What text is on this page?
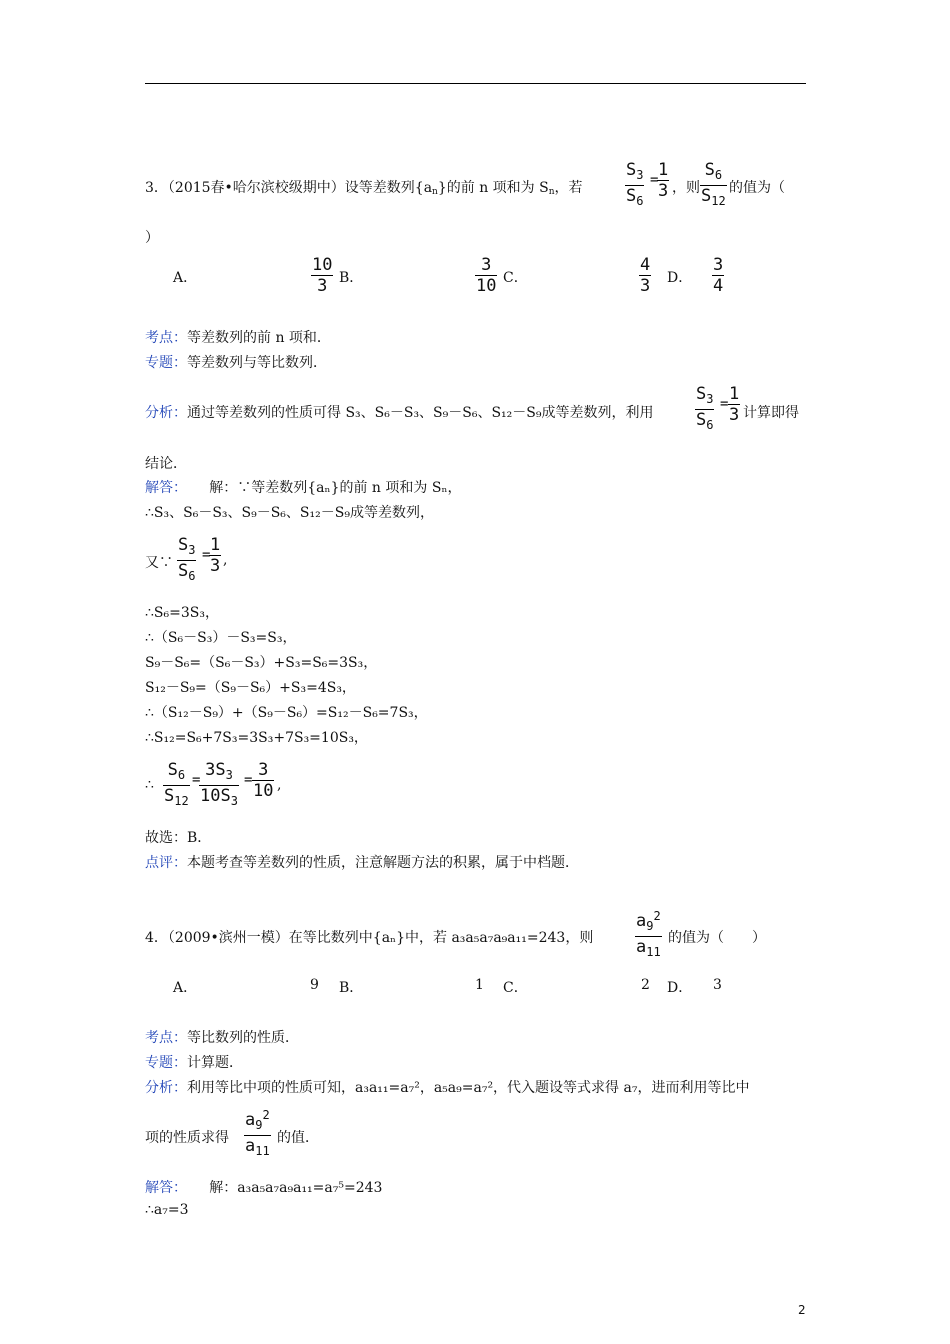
3．（2015春•哈尔滨校级期中）设等差数列$\{a_n\}$的前 n 项和为 $S_n$，若 $\frac{S_3}{S_6}$ =
$\frac{1}{3}$ ，则 $\frac{S_6}{S_{12}}$ 的值为（
）
A．	$\frac{10}{3}$ B．	$\frac{3}{10}$ C．	$\frac{4}{3}$ D． $\frac{3}{4}$
考点：等差数列的前 n 项和．
专题：等差数列与等比数列．
分析：通过等差数列的性质可得 S₃、S₆－S₃、S₉－S₆、S₁₂－S₉成等差数列，利用 $\frac{S_3}{S_6} = \frac{1}{3}$ 计算即得
结论．
解答： 解：∵等差数列{aₙ}的前 n 项和为 Sₙ，
∴S₃、S₆－S₃、S₉－S₆、S₁₂－S₉成等差数列，
又∵ $\frac{S_3}{S_6}$ =
$\frac{1}{3}$ ,
∴S₆=3S₃，
∴（S₆－S₃）－S₃=S₃，
S₉－S₆=（S₆－S₃）+S₃=S₆=3S₃，
S₁₂－S₉=（S₉－S₆）+S₃=4S₃，
∴（S₁₂－S₉）+（S₉－S₆）=S₁₂－S₆=7S₃，
∴S₁₂=S₆+7S₃=3S₃+7S₃=10S₃，
∴ $\frac{S_6}{S_{12}}$ =
$\frac{3S_3}{10S_3} = \frac{3}{10}$ ,
故选：B．
点评：本题考查等差数列的性质，注意解题方法的积累，属于中档题．
4．（2009•滨州一模）在等比数列中{aₙ}中，若 a₃a₅a₇a₉a₁₁=243，则 $\frac{a_9^2}{a_{11}}$ 的值为（　　）
A．	9 B．	1 C．	2 D． 3
考点：等比数列的性质．
专题：计算题．
分析：利用等比中项的性质可知，a₃a₁₁=a₇²，a₅a₉=a₇²，代入题设等式求得 a₇，进而利用等比中
项的性质求得 $\frac{a_9^2}{a_{11}}$ 的值．
解答： 解：a₃a₅a₇a₉a₁₁=a₇⁵=243
∴a₇=3
2
